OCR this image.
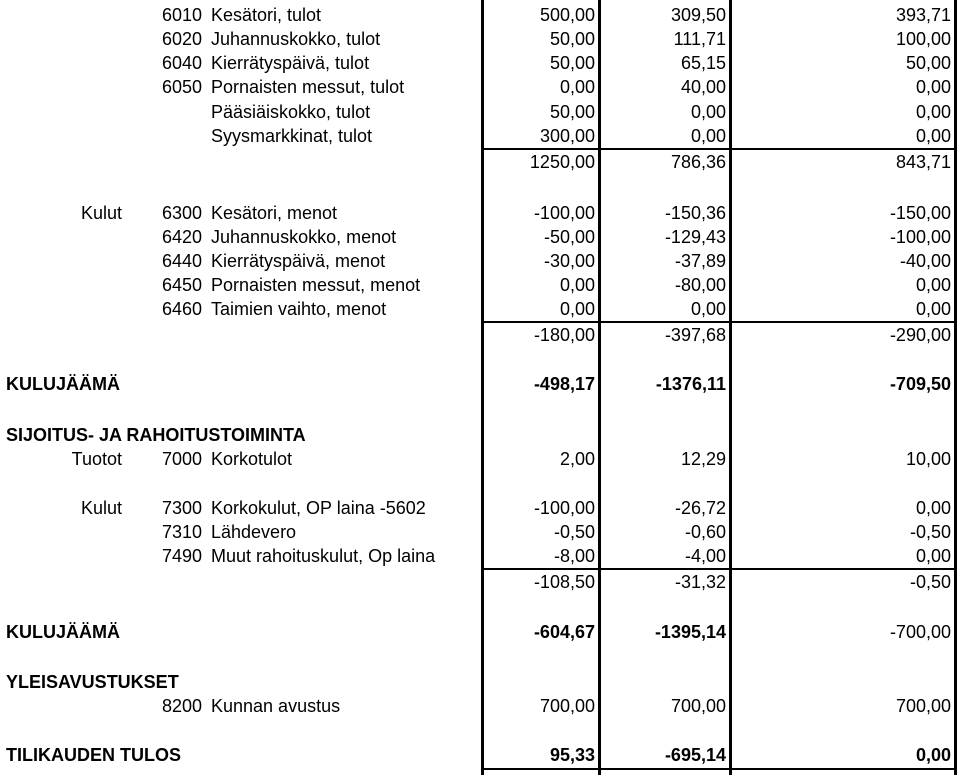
6010 Kesätori, tulot	500,00	309,50	393,71
6020 Juhannuskokko, tulot	50,00	111,71	100,00
6040 Kierrätyspäivä, tulot	50,00	65,15	50,00
6050 Pornaisten messut, tulot	0,00	40,00	0,00
Pääsiäiskokko, tulot	50,00	0,00	0,00
Syysmarkkinat, tulot	300,00	0,00	0,00
1250,00	786,36	843,71
Kulut 6300 Kesätori, menot	-100,00	-150,36	-150,00
6420 Juhannuskokko, menot	-50,00	-129,43	-100,00
6440 Kierrätyspäivä, menot	-30,00	-37,89	-40,00
6450 Pornaisten messut, menot	0,00	-80,00	0,00
6460 Taimien vaihto, menot	0,00	0,00	0,00
-180,00	-397,68	-290,00
KULUJÄÄMÄ	-498,17	-1376,11	-709,50
SIJOITUS- JA RAHOITUSTOIMINTA
Tuotot 7000 Korkotulot	2,00	12,29	10,00
Kulut 7300 Korkokulut, OP laina -5602	-100,00	-26,72	0,00
7310 Lähdevero	-0,50	-0,60	-0,50
7490 Muut rahoituskulut, Op laina	-8,00	-4,00	0,00
-108,50	-31,32	-0,50
KULUJÄÄMÄ	-604,67	-1395,14	-700,00
YLEISAVUSTUKSET
8200 Kunnan avustus	700,00	700,00	700,00
TILIKAUDEN TULOS	95,33	-695,14	0,00
